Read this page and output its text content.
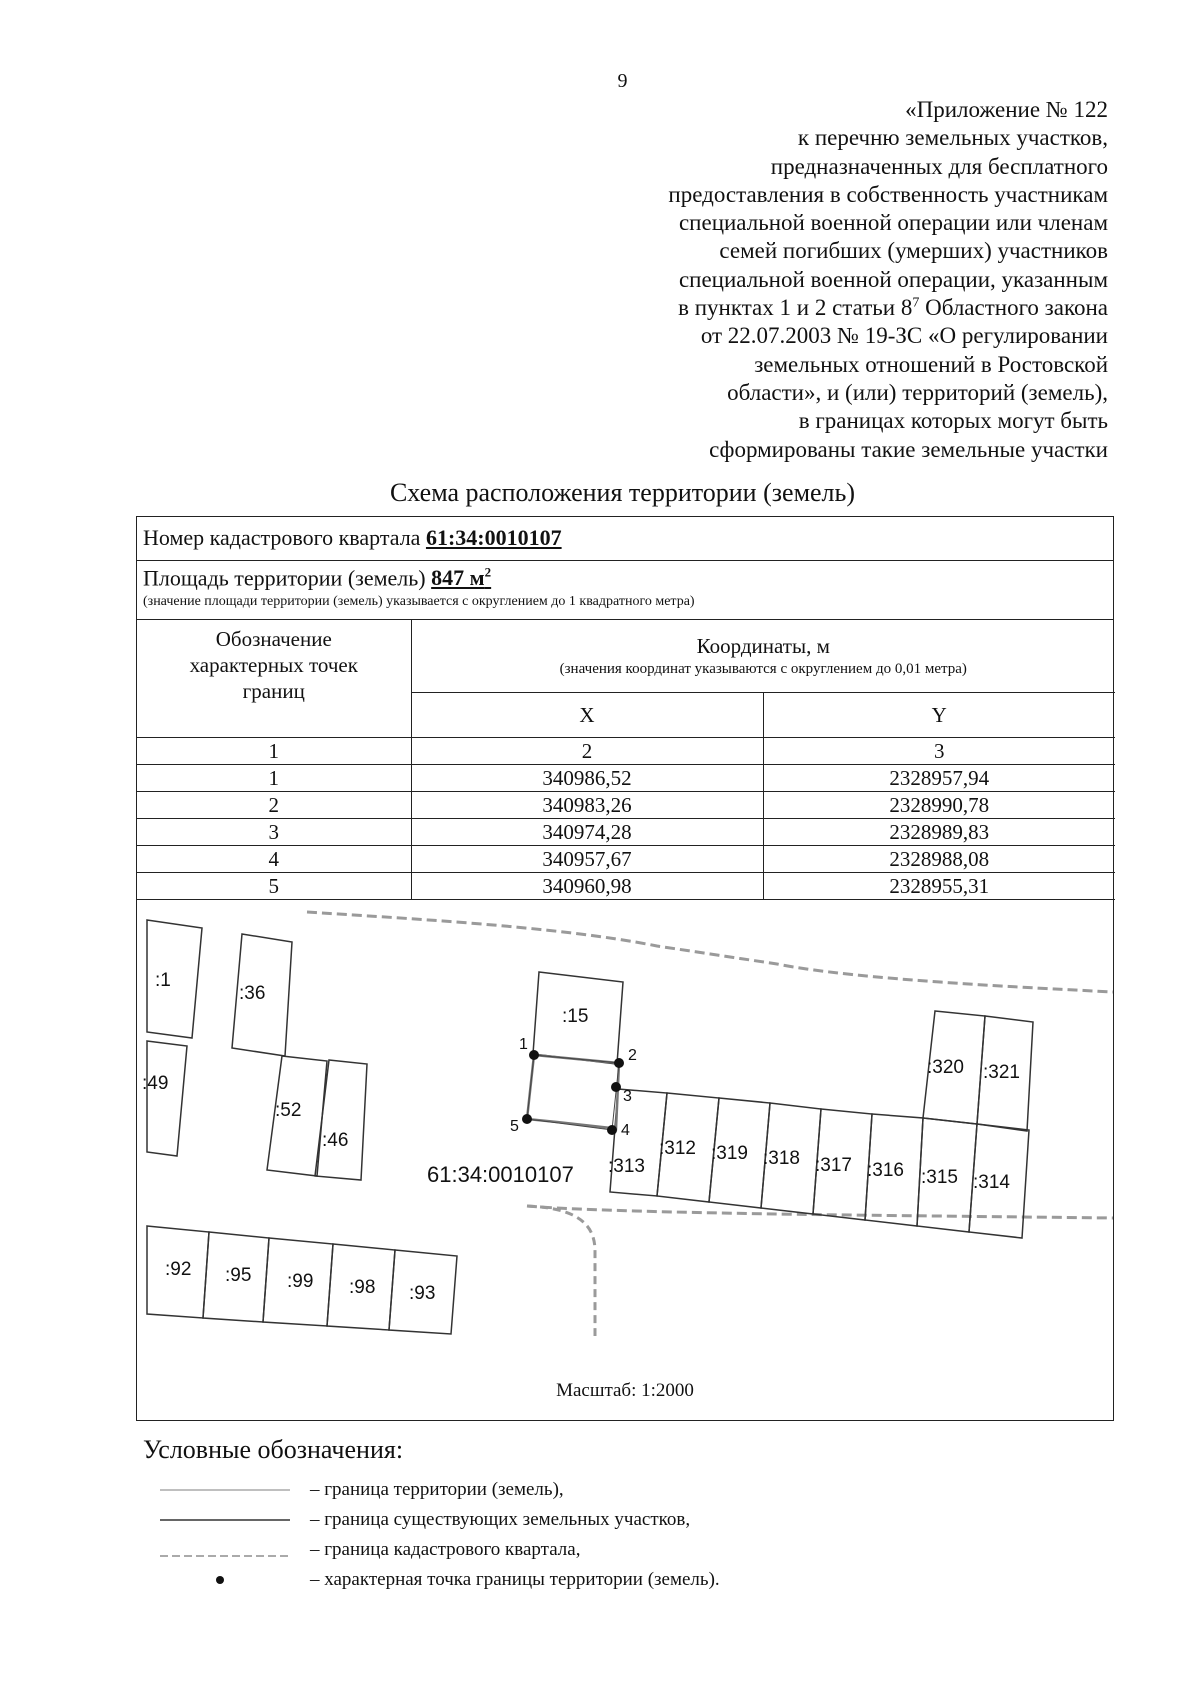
9
«Приложение № 122
к перечню земельных участков,
предназначенных для бесплатного
предоставления в собственность участникам
специальной военной операции или членам
семей погибших (умерших) участников
специальной военной операции, указанным
в пунктах 1 и 2 статьи $8^7$ Областного закона
от 22.07.2003 № 19-ЗС «О регулировании
земельных отношений в Ростовской
области», и (или) территорий (земель),
в границах которых могут быть
сформированы такие земельные участки
Схема расположения территории (земель)
Номер кадастрового квартала 61:34:0010107
Площадь территории (земель) 847 $м^2$
(значение площади территории (земель) указывается с округлением до 1 квадратного метра)
Обозначение характерных точек границ	Координаты, м
(значения координат указываются с округлением до 0,01 метра)	

	X	Y
1	2	3
1	340986,52	2328957,94
2	340983,26	2328990,78
3	340974,28	2328989,83
4	340957,67	2328988,08
5	340960,98	2328955,31
1
2
3
4
5
:1
:36
:49
:52
:46
:15
:320 :321
:313
:312 :319 :318 :317 :316 :315 :314
:92 :95 :99 :98 :93
61:34:0010107
Масштаб: 1:2000
Условные обозначения:
– граница территории (земель),
– граница существующих земельных участков,
– граница кадастрового квартала,
– характерная точка границы территории (земель).
